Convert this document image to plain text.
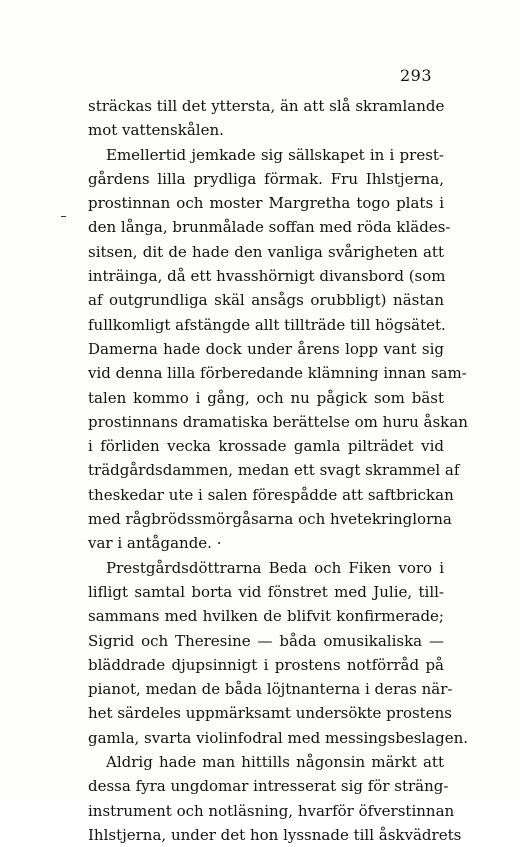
293
sträckas till det yttersta, än att slå skramlande
mot vattenskålen.
Emellertid jemkade sig sällskapet in i prest-
gårdens lilla prydliga förmak. Fru Ihlstjerna,
prostinnan och moster Margretha togo plats i
den långa, brunmålade soffan med röda klädes-
sitsen, dit de hade den vanliga svårigheten att
inträinga, då ett hvasshörnigt divansbord (som
af outgrundliga skäl ansågs orubbligt) nästan
fullkomligt afstängde allt tillträde till högsätet.
Damerna hade dock under årens lopp vant sig
vid denna lilla förberedande klämning innan sam-
talen kommo i gång, och nu pågick som bäst
prostinnans dramatiska berättelse om huru åskan
i förliden vecka krossade gamla pilträdet vid
trädgårdsdammen, medan ett svagt skrammel af
theskedar ute i salen förespådde att saftbrickan
med rågbrödssmörgåsarna och hvetekringlorna
var i antågande. ·
Prestgårdsdöttrarna Beda och Fiken voro i
lifligt samtal borta vid fönstret med Julie, till-
sammans med hvilken de blifvit konfirmerade;
Sigrid och Theresine — båda omusikaliska —
bläddrade djupsinnigt i prostens notförråd på
pianot, medan de båda löjtnanterna i deras när-
het särdeles uppmärksamt undersökte prostens
gamla, svarta violinfodral med messingsbeslagen.
Aldrig hade man hittills någonsin märkt att
dessa fyra ungdomar intresserat sig för sträng-
instrument och notläsning, hvarför öfverstinnan
Ihlstjerna, under det hon lyssnade till åskvädrets
